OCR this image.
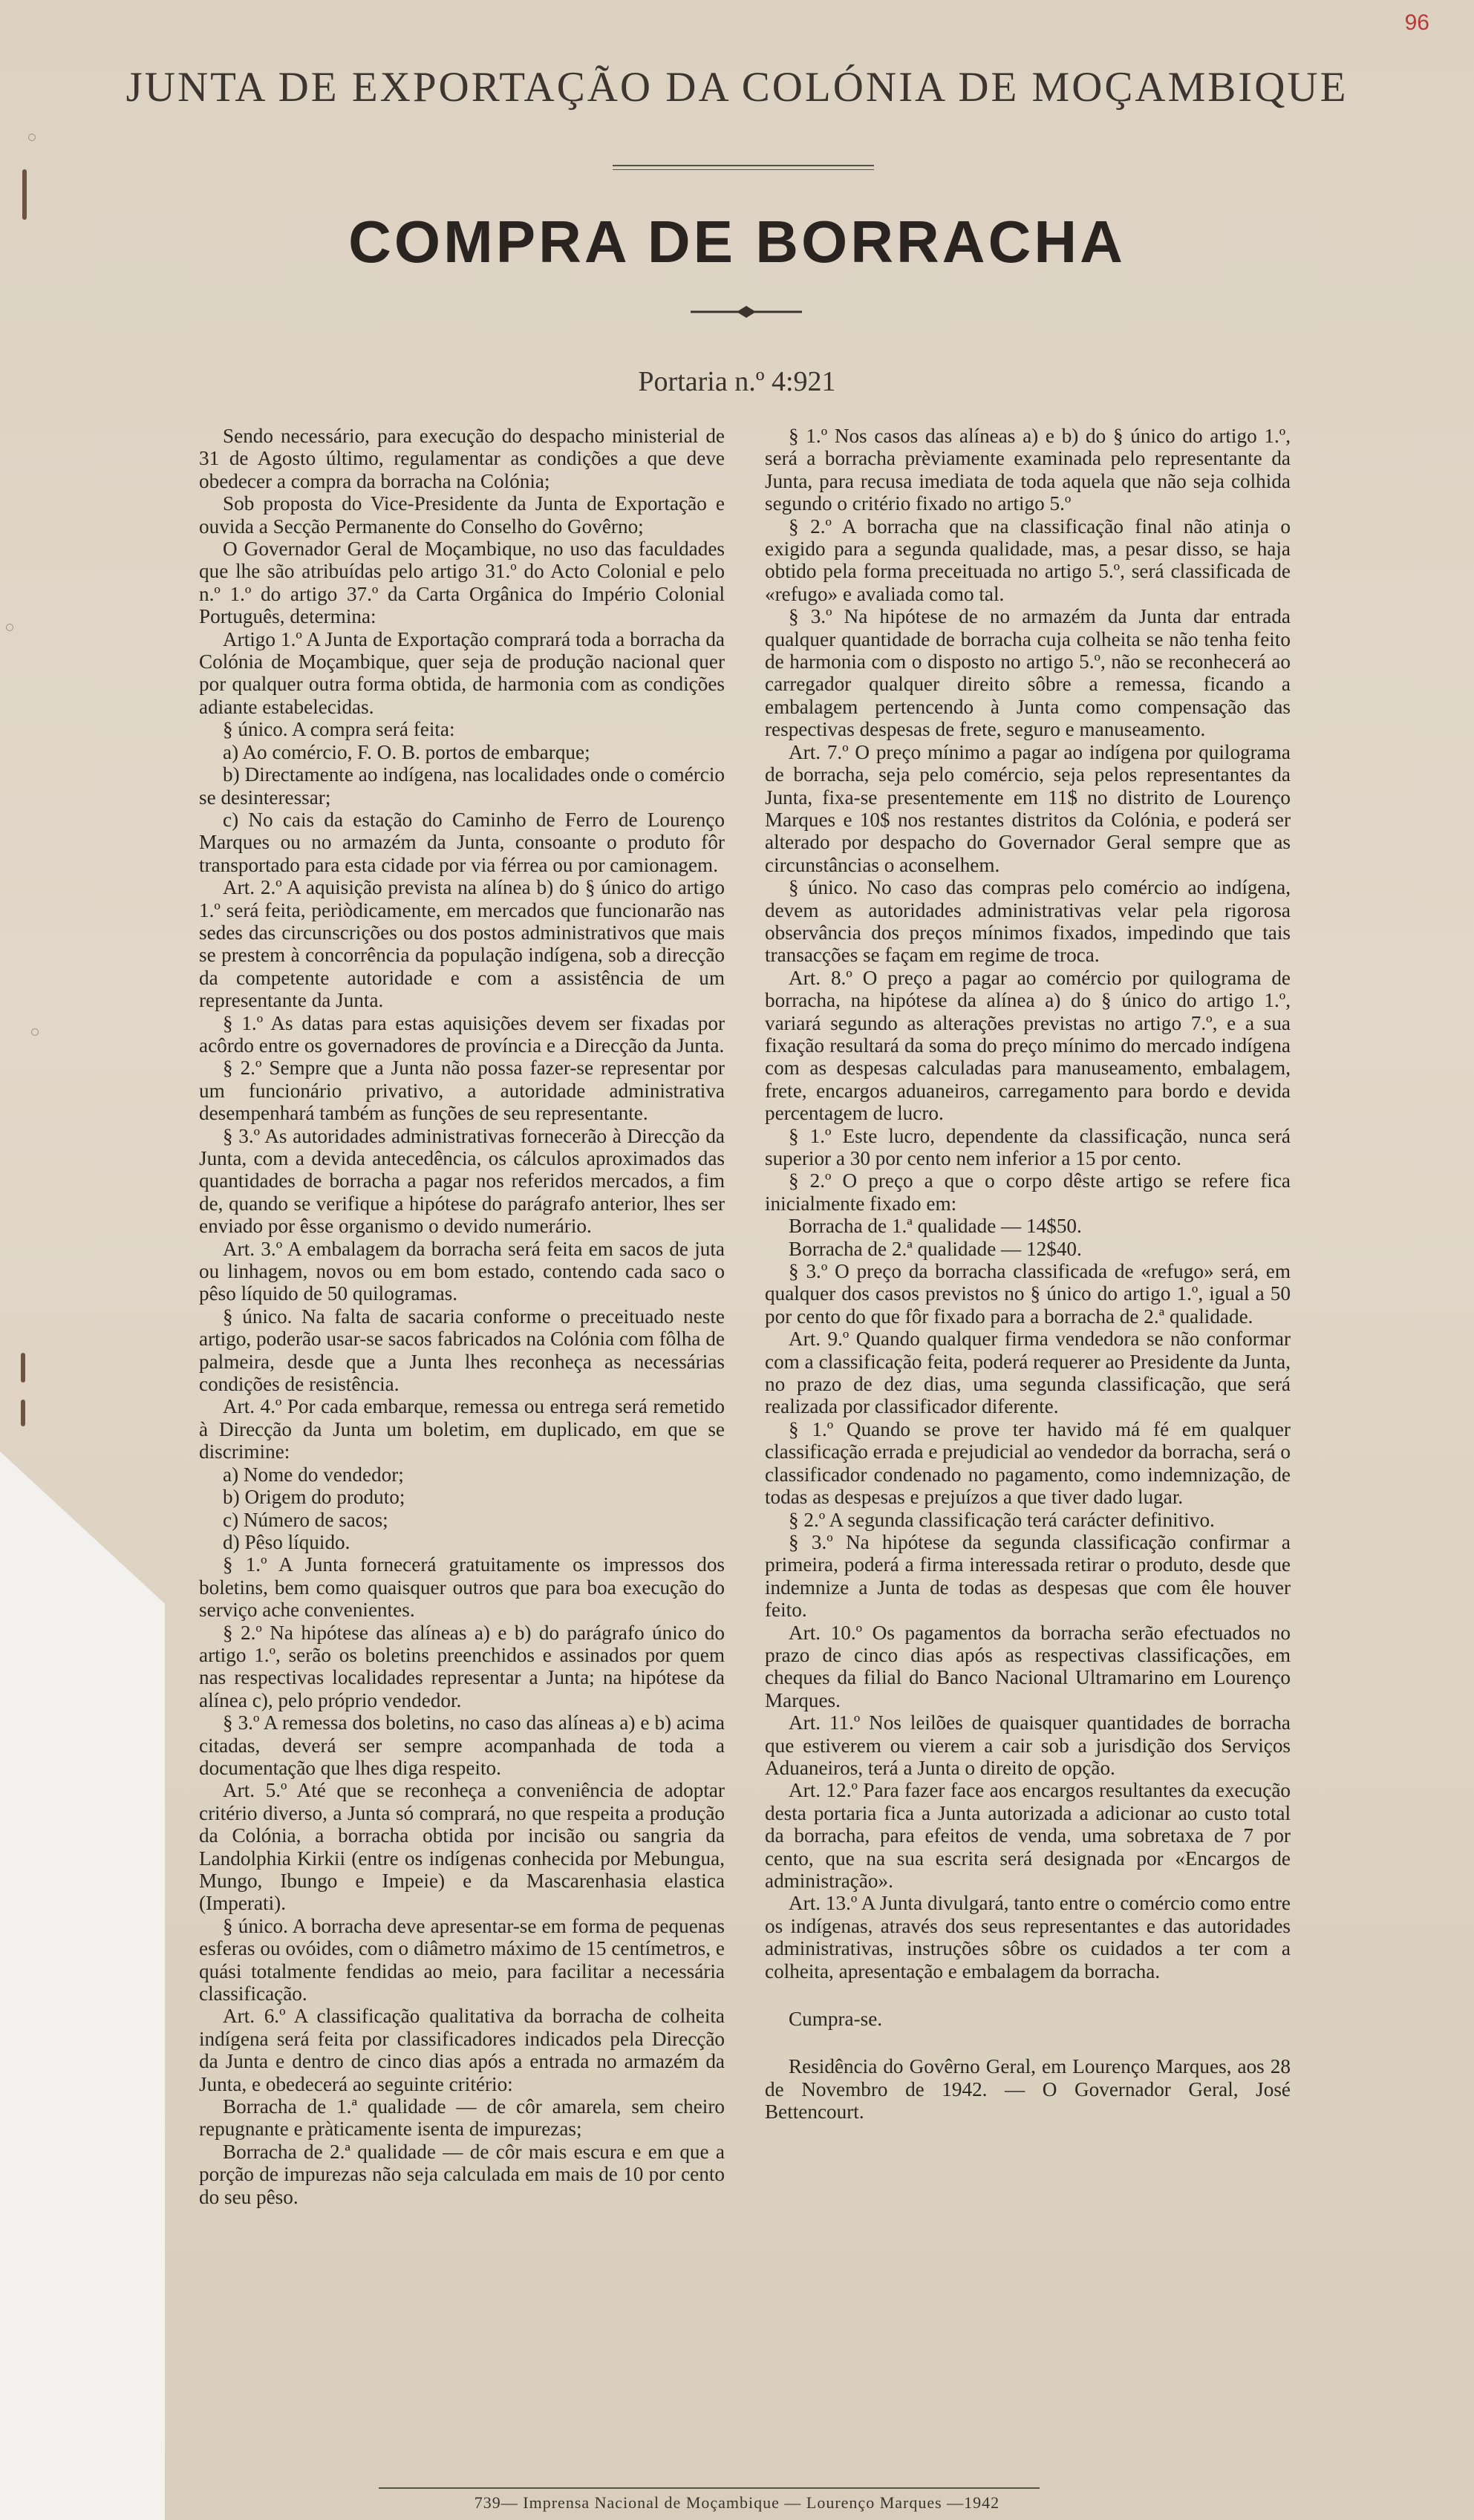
96
JUNTA DE EXPORTAÇÃO DA COLÓNIA DE MOÇAMBIQUE
COMPRA DE BORRACHA
Portaria n.º 4:921

Sendo necessário, para execução do despacho ministerial de 31 de Agosto último, regulamentar as condições a que deve obedecer a compra da borracha na Colónia;

Sob proposta do Vice-Presidente da Junta de Exportação e ouvida a Secção Permanente do Conselho do Govêrno;

O Governador Geral de Moçambique, no uso das faculdades que lhe são atribuídas pelo artigo 31.º do Acto Colonial e pelo n.º 1.º do artigo 37.º da Carta Orgânica do Império Colonial Português, determina:

Artigo 1.º A Junta de Exportação comprará toda a borracha da Colónia de Moçambique, quer seja de produção nacional quer por qualquer outra forma obtida, de harmonia com as condições adiante estabelecidas.

§ único. A compra será feita:

a) Ao comércio, F. O. B. portos de embarque;

b) Directamente ao indígena, nas localidades onde o comércio se desinteressar;

c) No cais da estação do Caminho de Ferro de Lourenço Marques ou no armazém da Junta, consoante o produto fôr transportado para esta cidade por via férrea ou por camionagem.

Art. 2.º A aquisição prevista na alínea b) do § único do artigo 1.º será feita, periòdicamente, em mercados que funcionarão nas sedes das circunscrições ou dos postos administrativos que mais se prestem à concorrência da população indígena, sob a direcção da competente autoridade e com a assistência de um representante da Junta.

§ 1.º As datas para estas aquisições devem ser fixadas por acôrdo entre os governadores de província e a Direcção da Junta.

§ 2.º Sempre que a Junta não possa fazer-se representar por um funcionário privativo, a autoridade administrativa desempenhará também as funções de seu representante.

§ 3.º As autoridades administrativas fornecerão à Direcção da Junta, com a devida antecedência, os cálculos aproximados das quantidades de borracha a pagar nos referidos mercados, a fim de, quando se verifique a hipótese do parágrafo anterior, lhes ser enviado por êsse organismo o devido numerário.

Art. 3.º A embalagem da borracha será feita em sacos de juta ou linhagem, novos ou em bom estado, contendo cada saco o pêso líquido de 50 quilogramas.

§ único. Na falta de sacaria conforme o preceituado neste artigo, poderão usar-se sacos fabricados na Colónia com fôlha de palmeira, desde que a Junta lhes reconheça as necessárias condições de resistência.

Art. 4.º Por cada embarque, remessa ou entrega será remetido à Direcção da Junta um boletim, em duplicado, em que se discrimine:

a) Nome do vendedor;

b) Origem do produto;

c) Número de sacos;

d) Pêso líquido.

§ 1.º A Junta fornecerá gratuitamente os impressos dos boletins, bem como quaisquer outros que para boa execução do serviço ache convenientes.

§ 2.º Na hipótese das alíneas a) e b) do parágrafo único do artigo 1.º, serão os boletins preenchidos e assinados por quem nas respectivas localidades representar a Junta; na hipótese da alínea c), pelo próprio vendedor.

§ 3.º A remessa dos boletins, no caso das alíneas a) e b) acima citadas, deverá ser sempre acompanhada de toda a documentação que lhes diga respeito.

Art. 5.º Até que se reconheça a conveniência de adoptar critério diverso, a Junta só comprará, no que respeita a produção da Colónia, a borracha obtida por incisão ou sangria da Landolphia Kirkii (entre os indígenas conhecida por Mebungua, Mungo, Ibungo e Impeie) e da Mascarenhasia elastica (Imperati).

§ único. A borracha deve apresentar-se em forma de pequenas esferas ou ovóides, com o diâmetro máximo de 15 centímetros, e quási totalmente fendidas ao meio, para facilitar a necessária classificação.

Art. 6.º A classificação qualitativa da borracha de colheita indígena será feita por classificadores indicados pela Direcção da Junta e dentro de cinco dias após a entrada no armazém da Junta, e obedecerá ao seguinte critério:

Borracha de 1.ª qualidade — de côr amarela, sem cheiro repugnante e pràticamente isenta de impurezas;

Borracha de 2.ª qualidade — de côr mais escura e em que a porção de impurezas não seja calculada em mais de 10 por cento do seu pêso.

§ 1.º Nos casos das alíneas a) e b) do § único do artigo 1.º, será a borracha prèviamente examinada pelo representante da Junta, para recusa imediata de toda aquela que não seja colhida segundo o critério fixado no artigo 5.º

§ 2.º A borracha que na classificação final não atinja o exigido para a segunda qualidade, mas, a pesar disso, se haja obtido pela forma preceituada no artigo 5.º, será classificada de «refugo» e avaliada como tal.

§ 3.º Na hipótese de no armazém da Junta dar entrada qualquer quantidade de borracha cuja colheita se não tenha feito de harmonia com o disposto no artigo 5.º, não se reconhecerá ao carregador qualquer direito sôbre a remessa, ficando a embalagem pertencendo à Junta como compensação das respectivas despesas de frete, seguro e manuseamento.

Art. 7.º O preço mínimo a pagar ao indígena por quilograma de borracha, seja pelo comércio, seja pelos representantes da Junta, fixa-se presentemente em 11$ no distrito de Lourenço Marques e 10$ nos restantes distritos da Colónia, e poderá ser alterado por despacho do Governador Geral sempre que as circunstâncias o aconselhem.

§ único. No caso das compras pelo comércio ao indígena, devem as autoridades administrativas velar pela rigorosa observância dos preços mínimos fixados, impedindo que tais transacções se façam em regime de troca.

Art. 8.º O preço a pagar ao comércio por quilograma de borracha, na hipótese da alínea a) do § único do artigo 1.º, variará segundo as alterações previstas no artigo 7.º, e a sua fixação resultará da soma do preço mínimo do mercado indígena com as despesas calculadas para manuseamento, embalagem, frete, encargos aduaneiros, carregamento para bordo e devida percentagem de lucro.

§ 1.º Este lucro, dependente da classificação, nunca será superior a 30 por cento nem inferior a 15 por cento.

§ 2.º O preço a que o corpo dêste artigo se refere fica inicialmente fixado em:

Borracha de 1.ª qualidade — 14$50.

Borracha de 2.ª qualidade — 12$40.

§ 3.º O preço da borracha classificada de «refugo» será, em qualquer dos casos previstos no § único do artigo 1.º, igual a 50 por cento do que fôr fixado para a borracha de 2.ª qualidade.

Art. 9.º Quando qualquer firma vendedora se não conformar com a classificação feita, poderá requerer ao Presidente da Junta, no prazo de dez dias, uma segunda classificação, que será realizada por classificador diferente.

§ 1.º Quando se prove ter havido má fé em qualquer classificação errada e prejudicial ao vendedor da borracha, será o classificador condenado no pagamento, como indemnização, de todas as despesas e prejuízos a que tiver dado lugar.

§ 2.º A segunda classificação terá carácter definitivo.

§ 3.º Na hipótese da segunda classificação confirmar a primeira, poderá a firma interessada retirar o produto, desde que indemnize a Junta de todas as despesas que com êle houver feito.

Art. 10.º Os pagamentos da borracha serão efectuados no prazo de cinco dias após as respectivas classificações, em cheques da filial do Banco Nacional Ultramarino em Lourenço Marques.

Art. 11.º Nos leilões de quaisquer quantidades de borracha que estiverem ou vierem a cair sob a jurisdição dos Serviços Aduaneiros, terá a Junta o direito de opção.

Art. 12.º Para fazer face aos encargos resultantes da execução desta portaria fica a Junta autorizada a adicionar ao custo total da borracha, para efeitos de venda, uma sobretaxa de 7 por cento, que na sua escrita será designada por «Encargos de administração».

Art. 13.º A Junta divulgará, tanto entre o comércio como entre os indígenas, através dos seus representantes e das autoridades administrativas, instruções sôbre os cuidados a ter com a colheita, apresentação e embalagem da borracha.

Cumpra-se.

Residência do Govêrno Geral, em Lourenço Marques, aos 28 de Novembro de 1942. — O Governador Geral, José Bettencourt.

739— Imprensa Nacional de Moçambique — Lourenço Marques —1942
